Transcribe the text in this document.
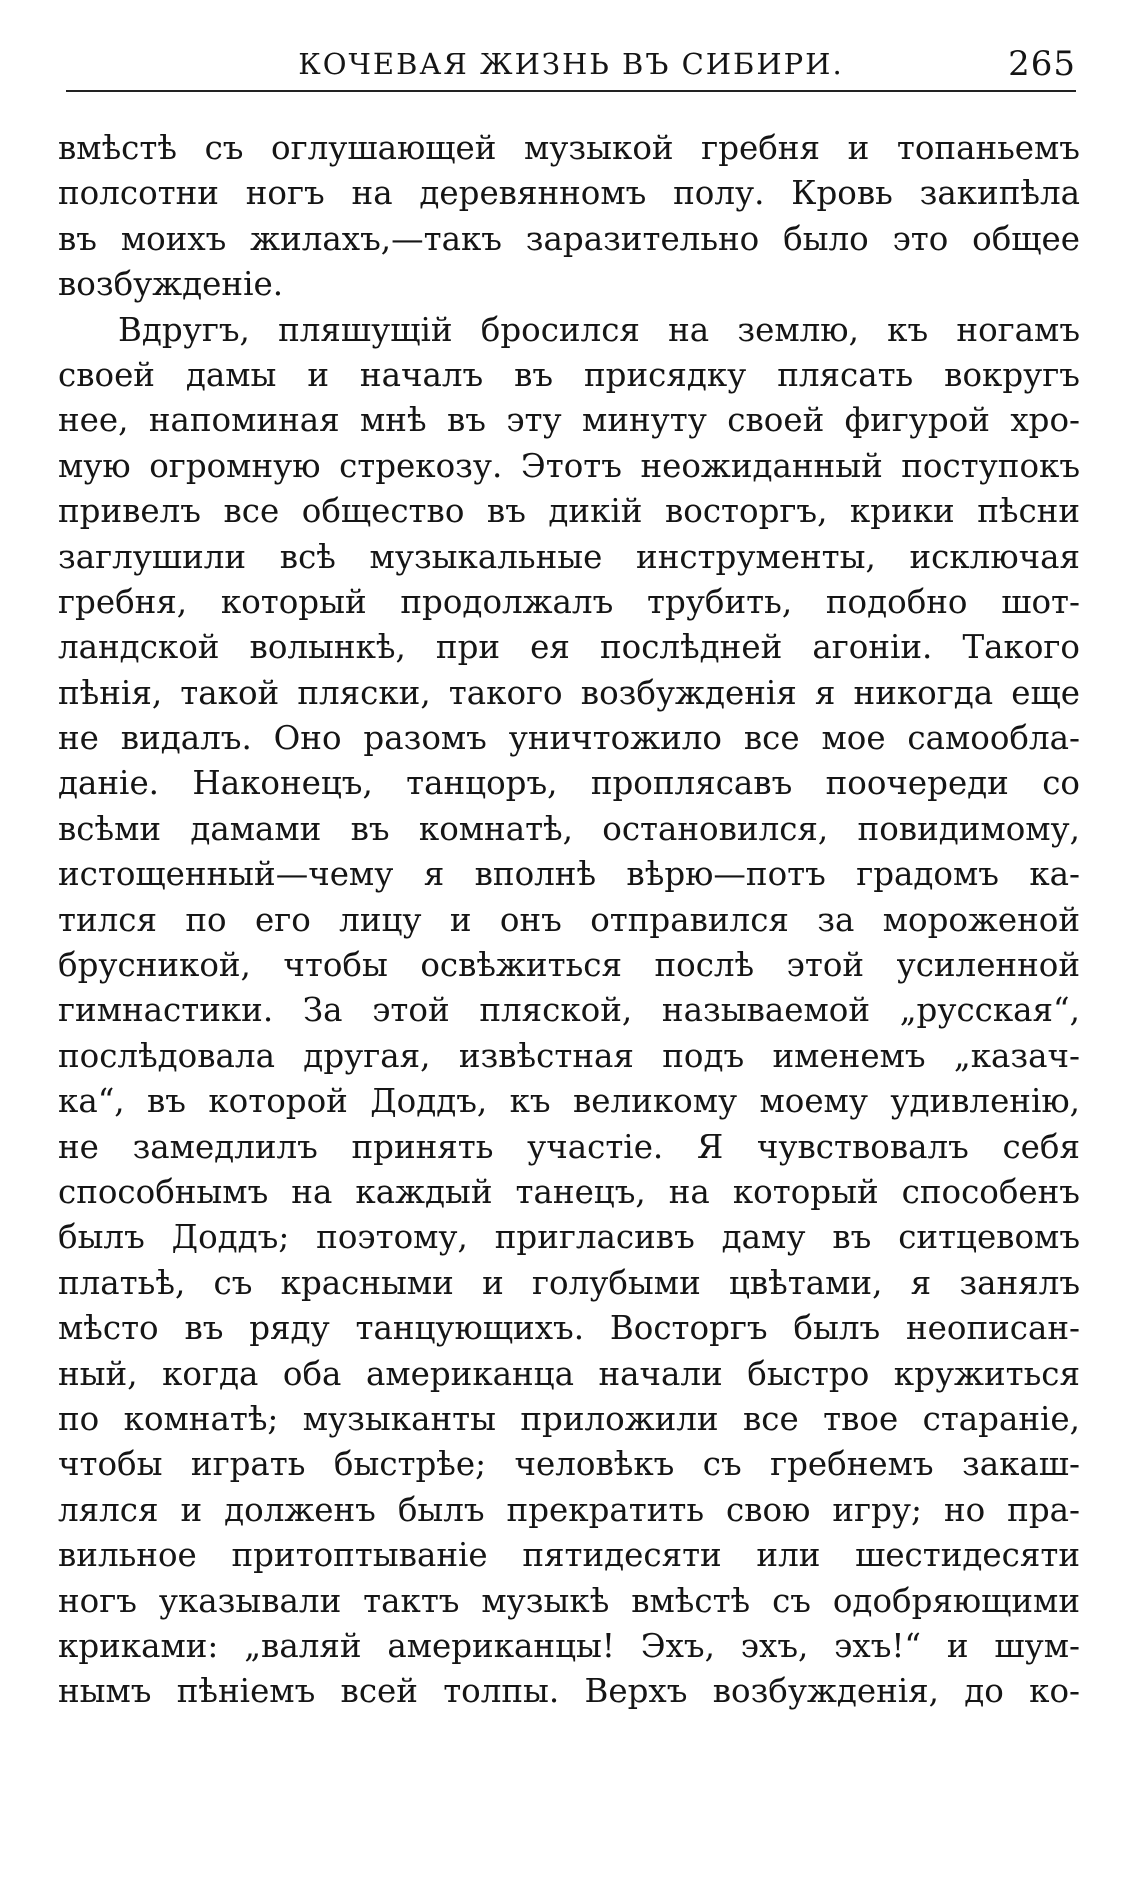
КОЧЕВАЯ ЖИЗНЬ ВЪ СИБИРИ.	265
вмѣстѣ съ оглушающей музыкой гребня и топаньемъ
полсотни ногъ на деревянномъ полу. Кровь закипѣла
въ моихъ жилахъ,—такъ заразительно было это общее
возбужденіе.
Вдругъ, пляшущій бросился на землю, къ ногамъ
своей дамы и началъ въ присядку плясать вокругъ
нее, напоминая мнѣ въ эту минуту своей фигурой хро-
мую огромную стрекозу. Этотъ неожиданный поступокъ
привелъ все общество въ дикій восторгъ, крики пѣсни
заглушили всѣ музыкальные инструменты, исключая
гребня, который продолжалъ трубить, подобно шот-
ландской волынкѣ, при ея послѣдней агоніи. Такого
пѣнія, такой пляски, такого возбужденія я никогда еще
не видалъ. Оно разомъ уничтожило все мое самообла-
даніе. Наконецъ, танцоръ, проплясавъ поочереди со
всѣми дамами въ комнатѣ, остановился, повидимому,
истощенный—чему я вполнѣ вѣрю—потъ градомъ ка-
тился по его лицу и онъ отправился за мороженой
брусникой, чтобы освѣжиться послѣ этой усиленной
гимнастики. За этой пляской, называемой „русская“,
послѣдовала другая, извѣстная подъ именемъ „казач-
ка“, въ которой Доддъ, къ великому моему удивленію,
не замедлилъ принять участіе. Я чувствовалъ себя
способнымъ на каждый танецъ, на который способенъ
былъ Доддъ; поэтому, пригласивъ даму въ ситцевомъ
платьѣ, съ красными и голубыми цвѣтами, я занялъ
мѣсто въ ряду танцующихъ. Восторгъ былъ неописан-
ный, когда оба американца начали быстро кружиться
по комнатѣ; музыканты приложили все твое стараніе,
чтобы играть быстрѣе; человѣкъ съ гребнемъ закаш-
лялся и долженъ былъ прекратить свою игру; но пра-
вильное притоптываніе пятидесяти или шестидесяти
ногъ указывали тактъ музыкѣ вмѣстѣ съ одобряющими
криками: „валяй американцы! Эхъ, эхъ, эхъ!“ и шум-
нымъ пѣніемъ всей толпы. Верхъ возбужденія, до ко-
